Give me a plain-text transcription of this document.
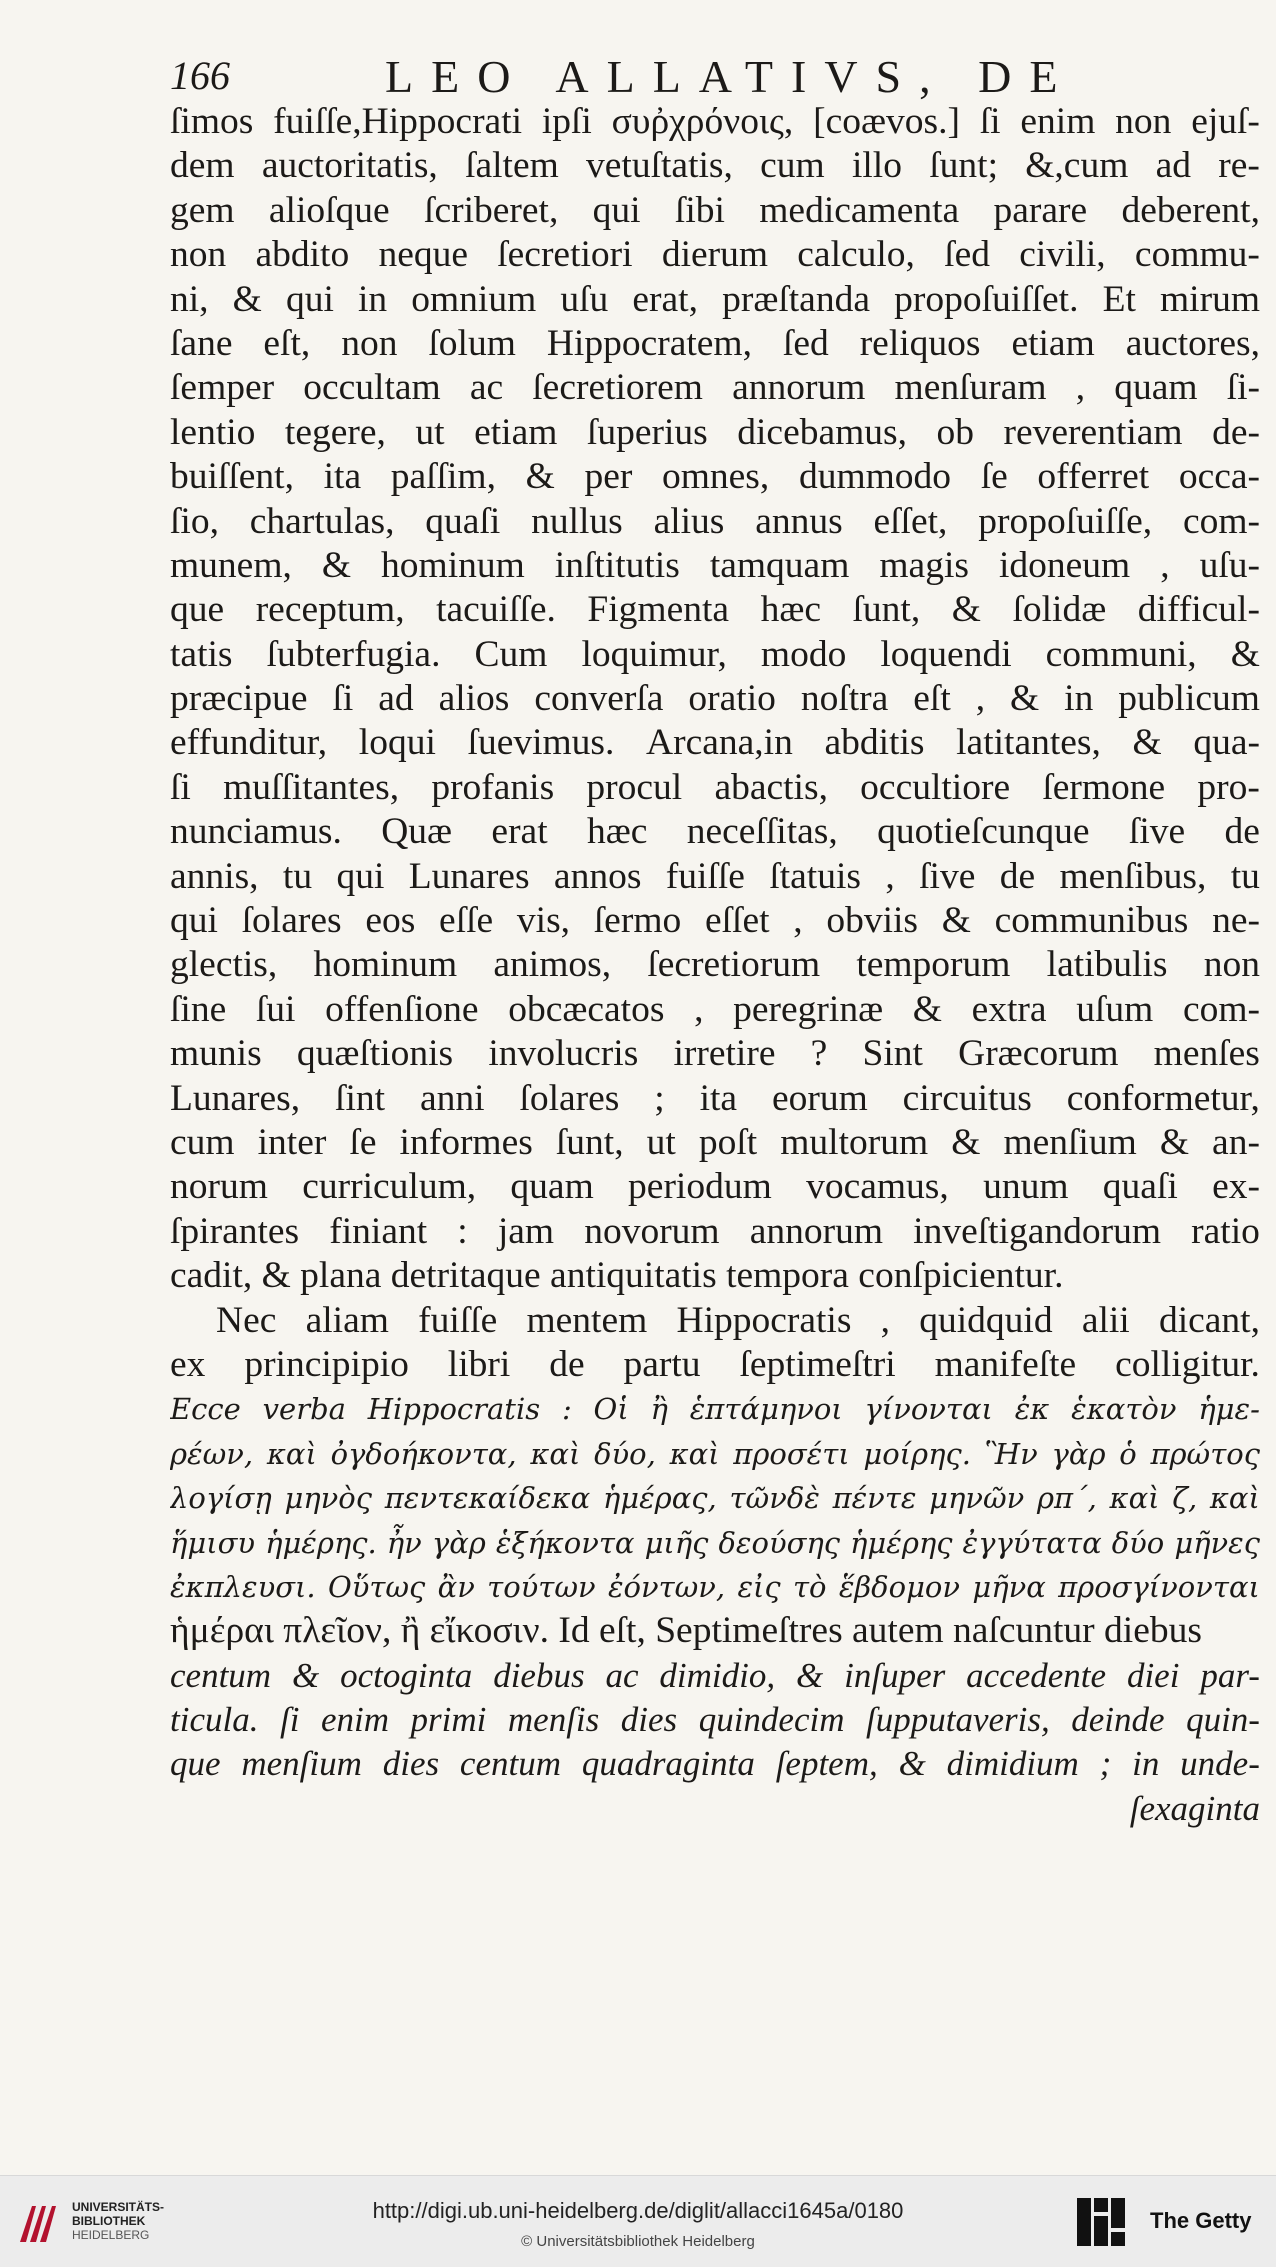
166	LEO ALLATIVS, DE
ſimos fuiſſe,Hippocrati ipſi συῤχρόνοις, [coævos.] ſi enim non ejuſ-
dem auctoritatis, ſaltem vetuſtatis, cum illo ſunt; &,cum ad re-
gem alioſque ſcriberet, qui ſibi medicamenta parare deberent,
non abdito neque ſecretiori dierum calculo, ſed civili, commu-
ni, & qui in omnium uſu erat, præſtanda propoſuiſſet. Et mirum
ſane eſt, non ſolum Hippocratem, ſed reliquos etiam auctores,
ſemper occultam ac ſecretiorem annorum menſuram , quam ſi-
lentio tegere, ut etiam ſuperius dicebamus, ob reverentiam de-
buiſſent, ita paſſim, & per omnes, dummodo ſe offerret occa-
ſio, chartulas, quaſi nullus alius annus eſſet, propoſuiſſe, com-
munem, & hominum inſtitutis tamquam magis idoneum , uſu-
que receptum, tacuiſſe. Figmenta hæc ſunt, & ſolidæ difficul-
tatis ſubterfugia. Cum loquimur, modo loquendi communi, &
præcipue ſi ad alios converſa oratio noſtra eſt , & in publicum
effunditur, loqui ſuevimus. Arcana,in abditis latitantes, & qua-
ſi muſſitantes, profanis procul abactis, occultiore ſermone pro-
nunciamus. Quæ erat hæc neceſſitas, quotieſcunque ſive de
annis, tu qui Lunares annos fuiſſe ſtatuis , ſive de menſibus, tu
qui ſolares eos eſſe vis, ſermo eſſet , obviis & communibus ne-
glectis, hominum animos, ſecretiorum temporum latibulis non
ſine ſui offenſione obcæcatos , peregrinæ & extra uſum com-
munis quæſtionis involucris irretire ? Sint Græcorum menſes
Lunares, ſint anni ſolares ; ita eorum circuitus conformetur,
cum inter ſe informes ſunt, ut poſt multorum & menſium & an-
norum curriculum, quam periodum vocamus, unum quaſi ex-
ſpirantes finiant : jam novorum annorum inveſtigandorum ratio
cadit, & plana detritaque antiquitatis tempora conſpicientur.
Nec aliam fuiſſe mentem Hippocratis , quidquid alii dicant,
ex principipio libri de partu ſeptimeſtri manifeſte colligitur.
Ecce verba Hippocratis : Οἱ ἢ ἑπτάμηνοι γίνονται ἐκ ἑκατὸν ἡμε-
ρέων, καὶ ὀγδοήκοντα, καὶ δύο, καὶ προσέτι μοίρης. Ἣν γὰρ ὁ πρώτος
λογίσῃ μηνὸς πεντεκαίδεκα ἡμέρας, τῶνδὲ πέντε μηνῶν ρπ΄, καὶ ζ, καὶ
ἥμισυ ἡμέρης. ἦν γὰρ ἑξήκοντα μιῆς δεούσης ἡμέρης ἐγγύτατα δύο μῆνες
ἐκπλευσι. Οὕτως ἂν τούτων ἐόντων, εἰς τὸ ἕβδομον μῆνα προσγίνονται
ἡμέραι πλεῖον, ἢ εἴκοσιν. Id eſt, Septimeſtres autem naſcuntur diebus
centum & octoginta diebus ac dimidio, & inſuper accedente diei par-
ticula. ſi enim primi menſis dies quindecim ſupputaveris, deinde quin-
que menſium dies centum quadraginta ſeptem, & dimidium ; in unde-
ſexaginta
UNIVERSITÄTS-
BIBLIOTHEK
HEIDELBERG
http://digi.ub.uni-heidelberg.de/diglit/allacci1645a/0180
© Universitätsbibliothek Heidelberg
The Getty
